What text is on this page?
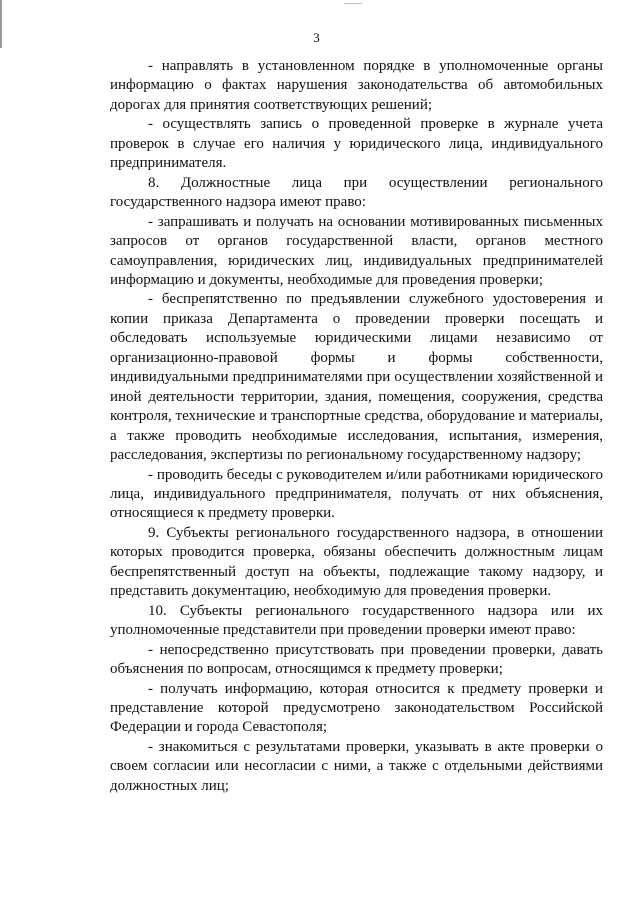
3

- направлять в установленном порядке в уполномоченные органы информацию о фактах нарушения законодательства об автомобильных дорогах для принятия соответствующих решений;

- осуществлять запись о проведенной проверке в журнале учета проверок в случае его наличия у юридического лица, индивидуального предпринимателя.

8. Должностные лица при осуществлении регионального государственного надзора имеют право:

- запрашивать и получать на основании мотивированных письменных запросов от органов государственной власти, органов местного самоуправления, юридических лиц, индивидуальных предпринимателей информацию и документы, необходимые для проведения проверки;

- беспрепятственно по предъявлении служебного удостоверения и копии приказа Департамента о проведении проверки посещать и обследовать используемые юридическими лицами независимо от организационно-правовой формы и формы собственности, индивидуальными предпринимателями при осуществлении хозяйственной и иной деятельности территории, здания, помещения, сооружения, средства контроля, технические и транспортные средства, оборудование и материалы, а также проводить необходимые исследования, испытания, измерения, расследования, экспертизы по региональному государственному надзору;

- проводить беседы с руководителем и/или работниками юридического лица, индивидуального предпринимателя, получать от них объяснения, относящиеся к предмету проверки.

9. Субъекты регионального государственного надзора, в отношении которых проводится проверка, обязаны обеспечить должностным лицам беспрепятственный доступ на объекты, подлежащие такому надзору, и представить документацию, необходимую для проведения проверки.

10. Субъекты регионального государственного надзора или их уполномоченные представители при проведении проверки имеют право:

- непосредственно присутствовать при проведении проверки, давать объяснения по вопросам, относящимся к предмету проверки;

- получать информацию, которая относится к предмету проверки и представление которой предусмотрено законодательством Российской Федерации и города Севастополя;

- знакомиться с результатами проверки, указывать в акте проверки о своем согласии или несогласии с ними, а также с отдельными действиями должностных лиц;
